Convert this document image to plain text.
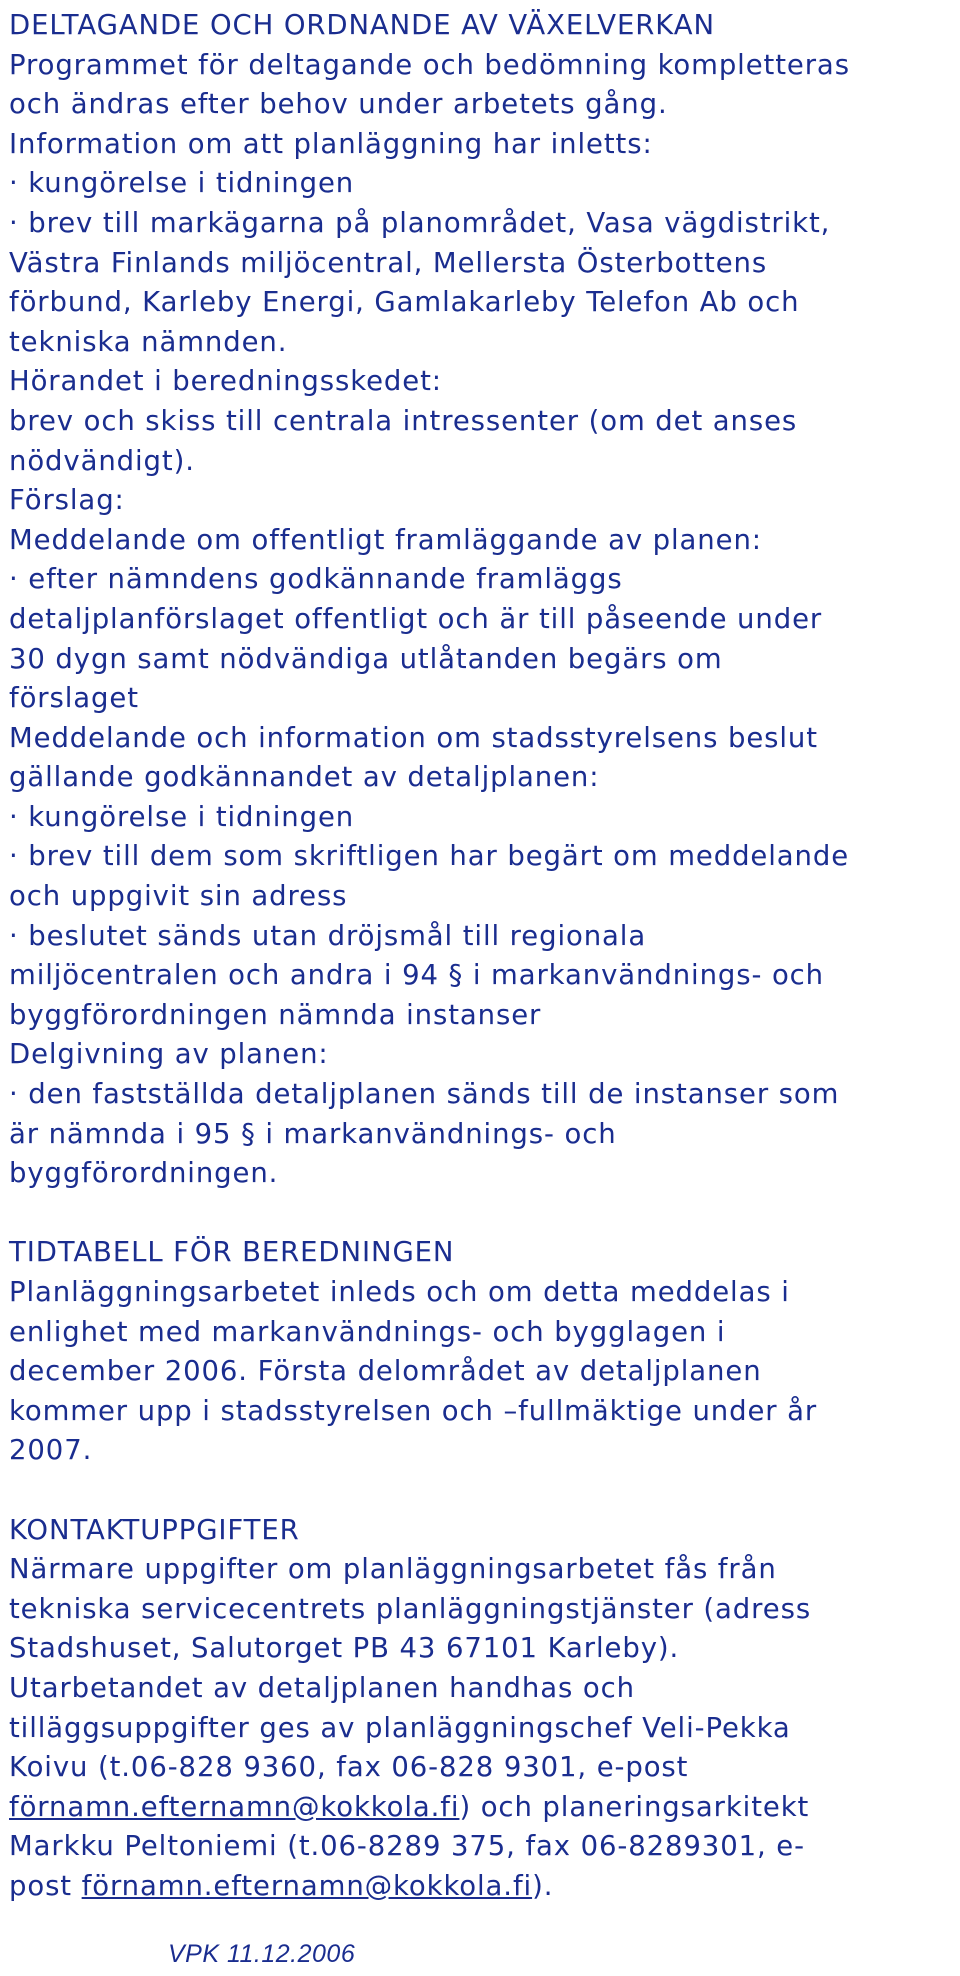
DELTAGANDE OCH ORDNANDE AV VÄXELVERKAN
Programmet för deltagande och bedömning kompletteras
och ändras efter behov under arbetets gång.
Information om att planläggning har inletts:
· kungörelse i tidningen
· brev till markägarna på planområdet, Vasa vägdistrikt,
Västra Finlands miljöcentral, Mellersta Österbottens
förbund, Karleby Energi, Gamlakarleby Telefon Ab och
tekniska nämnden.
Hörandet i beredningsskedet:
brev och skiss till centrala intressenter (om det anses
nödvändigt).
Förslag:
Meddelande om offentligt framläggande av planen:
· efter nämndens godkännande framläggs
detaljplanförslaget offentligt och är till påseende under
30 dygn samt nödvändiga utlåtanden begärs om
förslaget
Meddelande och information om stadsstyrelsens beslut
gällande godkännandet av detaljplanen:
· kungörelse i tidningen
· brev till dem som skriftligen har begärt om meddelande
och uppgivit sin adress
· beslutet sänds utan dröjsmål till regionala
miljöcentralen och andra i 94 § i markanvändnings- och
byggförordningen nämnda instanser
Delgivning av planen:
· den fastställda detaljplanen sänds till de instanser som
är nämnda i 95 § i markanvändnings- och
byggförordningen.
TIDTABELL FÖR BEREDNINGEN
Planläggningsarbetet inleds och om detta meddelas i
enlighet med markanvändnings- och bygglagen i
december 2006. Första delområdet av detaljplanen
kommer upp i stadsstyrelsen och –fullmäktige under år
2007.
KONTAKTUPPGIFTER
Närmare uppgifter om planläggningsarbetet fås från
tekniska servicecentrets planläggningstjänster (adress
Stadshuset, Salutorget PB 43 67101 Karleby).
Utarbetandet av detaljplanen handhas och
tilläggsuppgifter ges av planläggningschef Veli-Pekka
Koivu (t.06-828 9360, fax 06-828 9301, e-post
förnamn.efternamn@kokkola.fi) och planeringsarkitekt
Markku Peltoniemi (t.06-8289 375, fax 06-8289301, e-
post förnamn.efternamn@kokkola.fi).
VPK 11.12.2006
